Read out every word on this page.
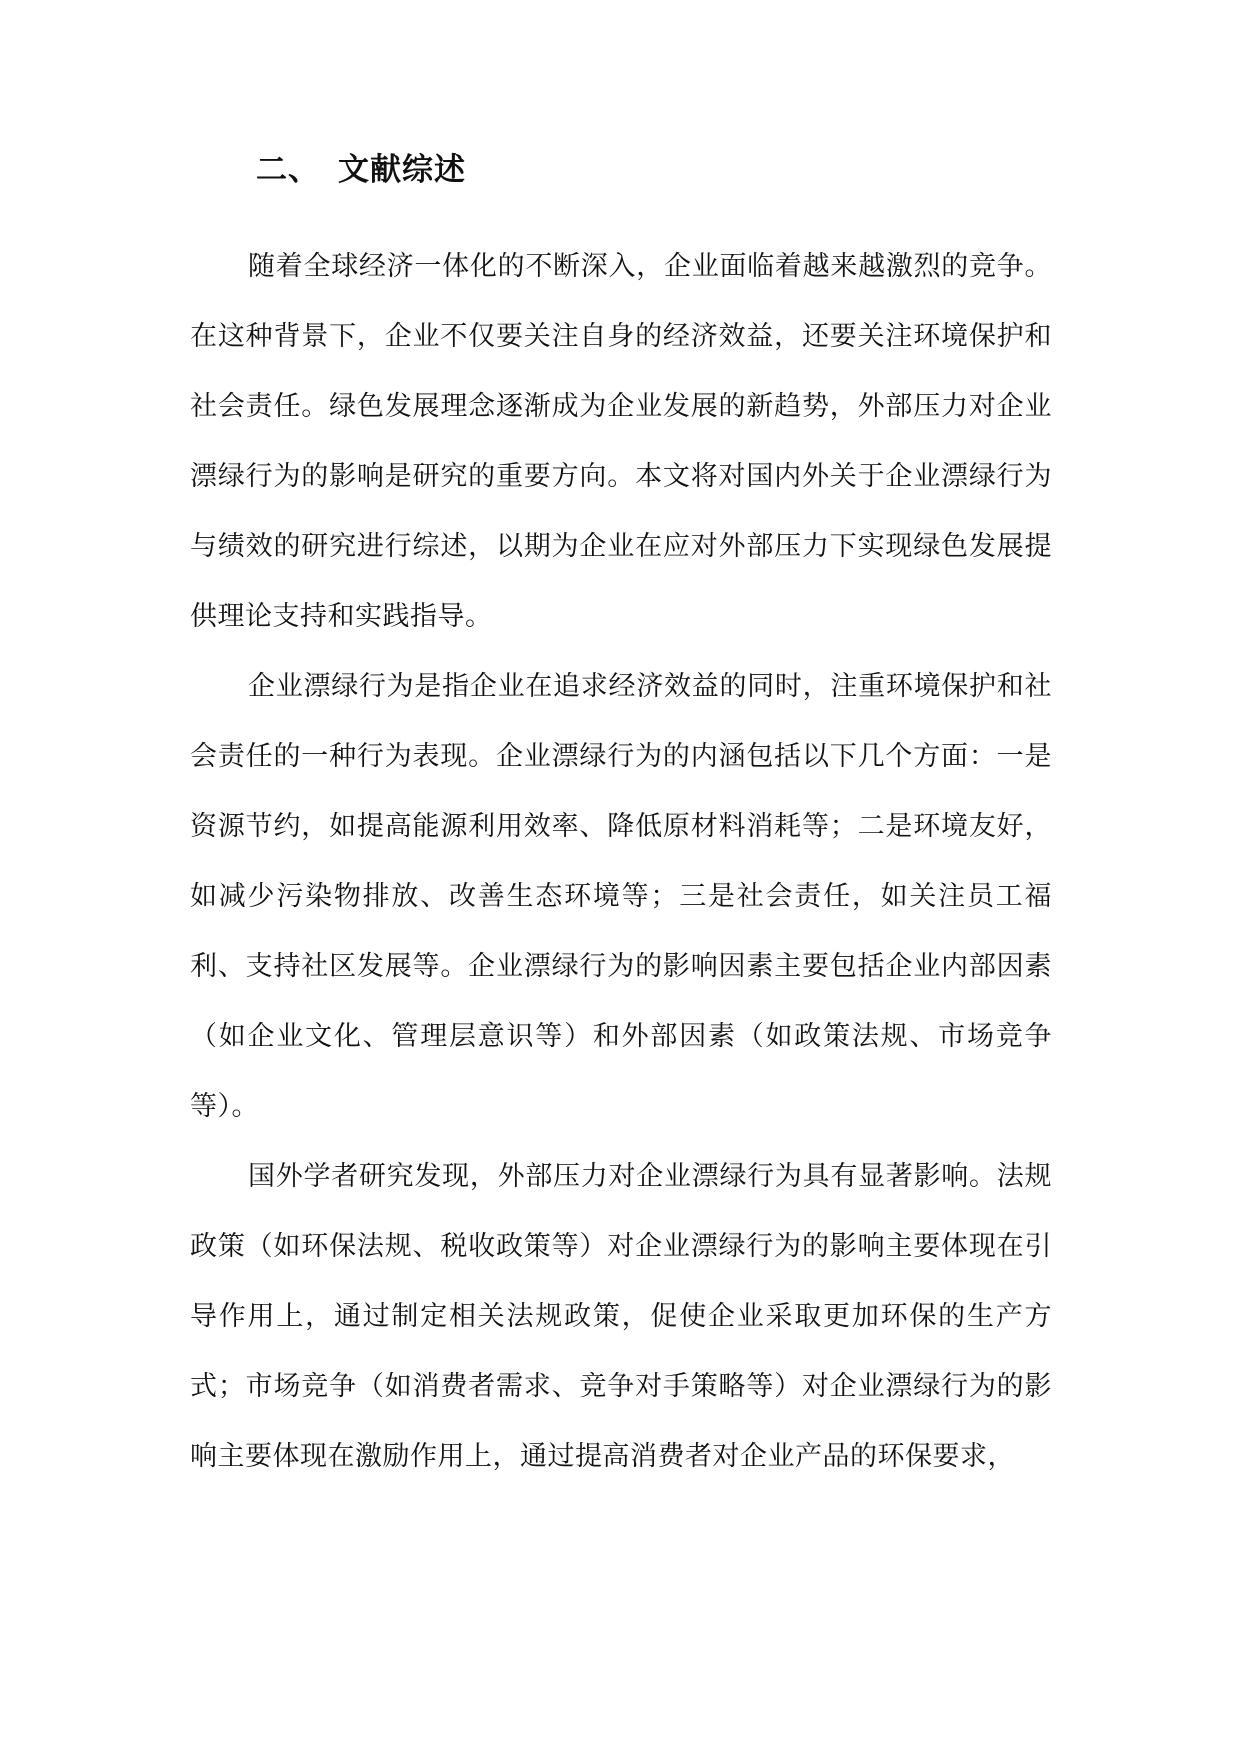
二、 文献综述

随着全球经济一体化的不断深入，企业面临着越来越激烈的竞争。在这种背景下，企业不仅要关注自身的经济效益，还要关注环境保护和社会责任。绿色发展理念逐渐成为企业发展的新趋势，外部压力对企业漂绿行为的影响是研究的重要方向。本文将对国内外关于企业漂绿行为与绩效的研究进行综述，以期为企业在应对外部压力下实现绿色发展提供理论支持和实践指导。

企业漂绿行为是指企业在追求经济效益的同时，注重环境保护和社会责任的一种行为表现。企业漂绿行为的内涵包括以下几个方面：一是资源节约，如提高能源利用效率、降低原材料消耗等；二是环境友好，如减少污染物排放、改善生态环境等；三是社会责任，如关注员工福利、支持社区发展等。企业漂绿行为的影响因素主要包括企业内部因素（如企业文化、管理层意识等）和外部因素（如政策法规、市场竞争等）。

国外学者研究发现，外部压力对企业漂绿行为具有显著影响。法规政策（如环保法规、税收政策等）对企业漂绿行为的影响主要体现在引导作用上，通过制定相关法规政策，促使企业采取更加环保的生产方式；市场竞争（如消费者需求、竞争对手策略等）对企业漂绿行为的影响主要体现在激励作用上，通过提高消费者对企业产品的环保要求，
